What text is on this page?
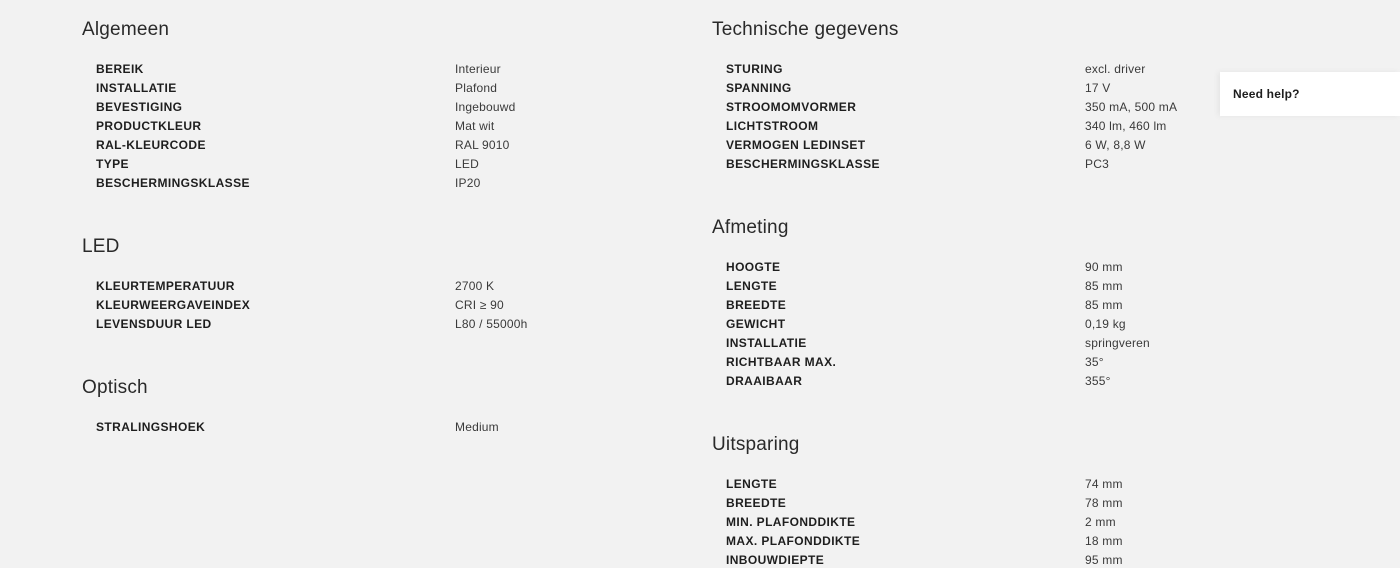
Algemeen
BEREIK	Interieur
INSTALLATIE	Plafond
BEVESTIGING	Ingebouwd
PRODUCTKLEUR	Mat wit
RAL-KLEURCODE	RAL 9010
TYPE	LED
BESCHERMINGSKLASSE	IP20
LED
KLEURTEMPERATUUR	2700 K
KLEURWEERGAVEINDEX	CRI ≥ 90
LEVENSDUUR LED	L80 / 55000h
Optisch
STRALINGSHOEK	Medium
Technische gegevens
STURING	excl. driver
SPANNING	17 V
STROOMOMVORMER	350 mA, 500 mA
LICHTSTROOM	340 lm, 460 lm
VERMOGEN LEDINSET	6 W, 8,8 W
BESCHERMINGSKLASSE	PC3
Afmeting
HOOGTE	90 mm
LENGTE	85 mm
BREEDTE	85 mm
GEWICHT	0,19 kg
INSTALLATIE	springveren
RICHTBAAR MAX.	35°
DRAAIBAAR	355°
Uitsparing
LENGTE	74 mm
BREEDTE	78 mm
MIN. PLAFONDDIKTE	2 mm
MAX. PLAFONDDIKTE	18 mm
INBOUWDIEPTE	95 mm
Need help?
